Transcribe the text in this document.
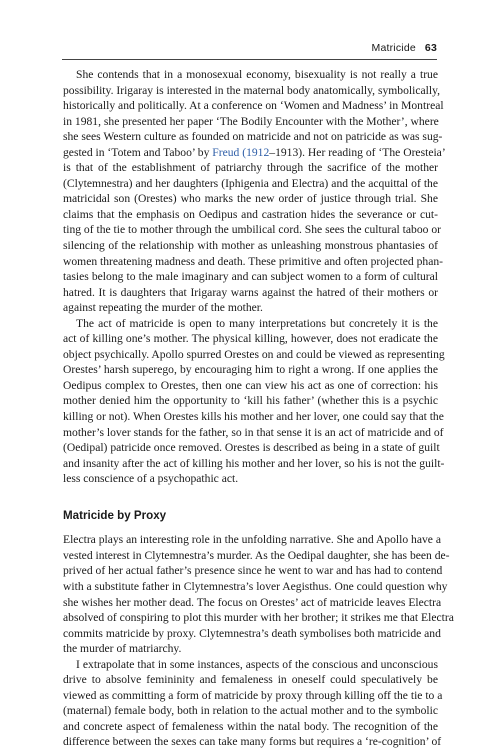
Matricide 63

She contends that in a monosexual economy, bisexuality is not really a true
possibility. Irigaray is interested in the maternal body anatomically, symbolically,
historically and politically. At a conference on ‘Women and Madness’ in Montreal
in 1981, she presented her paper ‘The Bodily Encounter with the Mother’, where
she sees Western culture as founded on matricide and not on patricide as was sug-
gested in ‘Totem and Taboo’ by Freud (1912–1913). Her reading of ‘The Oresteia’
is that of the establishment of patriarchy through the sacrifice of the mother
(Clytemnestra) and her daughters (Iphigenia and Electra) and the acquittal of the
matricidal son (Orestes) who marks the new order of justice through trial. She
claims that the emphasis on Oedipus and castration hides the severance or cut-
ting of the tie to mother through the umbilical cord. She sees the cultural taboo or
silencing of the relationship with mother as unleashing monstrous phantasies of
women threatening madness and death. These primitive and often projected phan-
tasies belong to the male imaginary and can subject women to a form of cultural
hatred. It is daughters that Irigaray warns against the hatred of their mothers or
against repeating the murder of the mother.

The act of matricide is open to many interpretations but concretely it is the
act of killing one’s mother. The physical killing, however, does not eradicate the
object psychically. Apollo spurred Orestes on and could be viewed as representing
Orestes’ harsh superego, by encouraging him to right a wrong. If one applies the
Oedipus complex to Orestes, then one can view his act as one of correction: his
mother denied him the opportunity to ‘kill his father’ (whether this is a psychic
killing or not). When Orestes kills his mother and her lover, one could say that the
mother’s lover stands for the father, so in that sense it is an act of matricide and of
(Oedipal) patricide once removed. Orestes is described as being in a state of guilt
and insanity after the act of killing his mother and her lover, so his is not the guilt-
less conscience of a psychopathic act.

Matricide by Proxy

Electra plays an interesting role in the unfolding narrative. She and Apollo have a
vested interest in Clytemnestra’s murder. As the Oedipal daughter, she has been de-
prived of her actual father’s presence since he went to war and has had to contend
with a substitute father in Clytemnestra’s lover Aegisthus. One could question why
she wishes her mother dead. The focus on Orestes’ act of matricide leaves Electra
absolved of conspiring to plot this murder with her brother; it strikes me that Electra
commits matricide by proxy. Clytemnestra’s death symbolises both matricide and
the murder of matriarchy.

I extrapolate that in some instances, aspects of the conscious and unconscious
drive to absolve femininity and femaleness in oneself could speculatively be
viewed as committing a form of matricide by proxy through killing off the tie to a
(maternal) female body, both in relation to the actual mother and to the symbolic
and concrete aspect of femaleness within the natal body. The recognition of the
difference between the sexes can take many forms but requires a ‘re-cognition’ of
